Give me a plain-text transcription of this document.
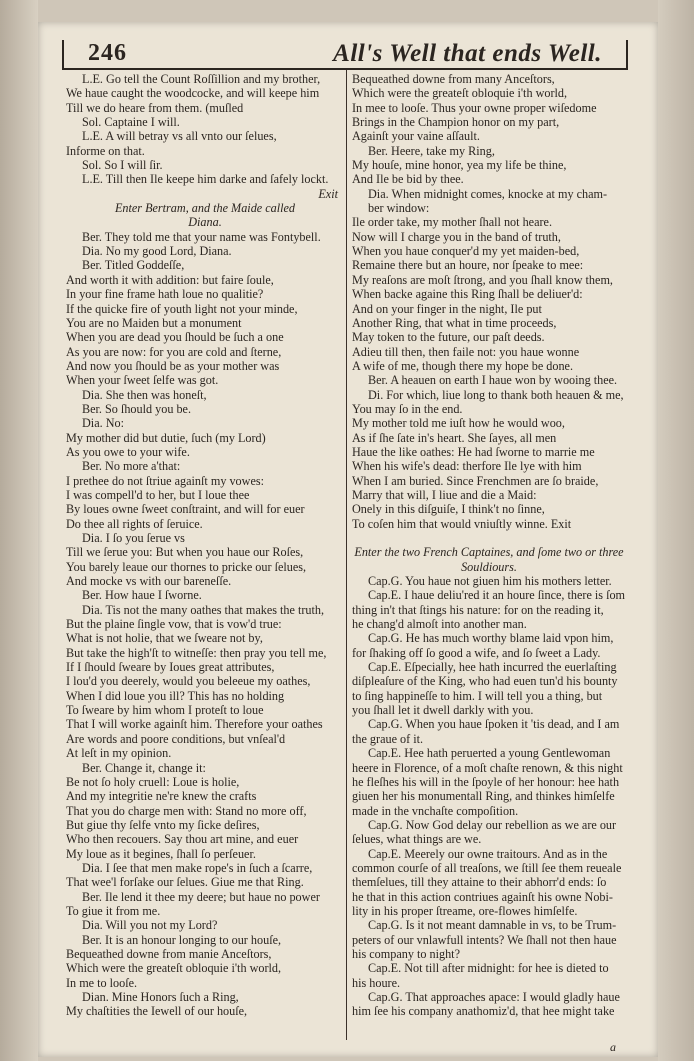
246	All's Well that ends Well.
L.E. Go tell the Count Roſſillion and my brother,
We haue caught the woodcocke, and will keepe him
Till we do heare from them. (muſled
Sol. Captaine I will.
L.E. A will betray vs all vnto our ſelues,
Informe on that.
Sol. So I will ſir.
L.E. Till then Ile keepe him darke and ſafely lockt.
Exit
Enter Bertram, and the Maide called
Diana.
Ber. They told me that your name was Fontybell.
Dia. No my good Lord, Diana.
Ber. Titled Goddeſſe,
And worth it with addition: but faire ſoule,
In your fine frame hath loue no qualitie?
If the quicke fire of youth light not your minde,
You are no Maiden but a monument
When you are dead you ſhould be ſuch a one
As you are now: for you are cold and ſterne,
And now you ſhould be as your mother was
When your ſweet ſelfe was got.
Dia. She then was honeſt,
Ber. So ſhould you be.
Dia. No:
My mother did but dutie, ſuch (my Lord)
As you owe to your wife.
Ber. No more a'that:
I prethee do not ſtriue againſt my vowes:
I was compell'd to her, but I loue thee
By loues owne ſweet conſtraint, and will for euer
Do thee all rights of ſeruice.
Dia. I ſo you ſerue vs
Till we ſerue you: But when you haue our Roſes,
You barely leaue our thornes to pricke our ſelues,
And mocke vs with our bareneſſe.
Ber. How haue I ſworne.
Dia. Tis not the many oathes that makes the truth,
But the plaine ſingle vow, that is vow'd true:
What is not holie, that we ſweare not by,
But take the high'ſt to witneſſe: then pray you tell me,
If I ſhould ſweare by Ioues great attributes,
I lou'd you deerely, would you beleeue my oathes,
When I did loue you ill? This has no holding
To ſweare by him whom I proteſt to loue
That I will worke againſt him. Therefore your oathes
Are words and poore conditions, but vnſeal'd
At leſt in my opinion.
Ber. Change it, change it:
Be not ſo holy cruell: Loue is holie,
And my integritie ne're knew the crafts
That you do charge men with: Stand no more off,
But giue thy ſelfe vnto my ſicke deſires,
Who then recouers. Say thou art mine, and euer
My loue as it begines, ſhall ſo perſeuer.
Dia. I ſee that men make rope's in ſuch a ſcarre,
That wee'l forſake our ſelues. Giue me that Ring.
Ber. Ile lend it thee my deere; but haue no power
To giue it from me.
Dia. Will you not my Lord?
Ber. It is an honour longing to our houſe,
Bequeathed downe from manie Anceſtors,
Which were the greateſt obloquie i'th world,
In me to looſe.
Dian. Mine Honors ſuch a Ring,
My chaſtities the Iewell of our houſe,
Bequeathed downe from many Anceſtors,
Which were the greateſt obloquie i'th world,
In mee to looſe. Thus your owne proper wiſedome
Brings in the Champion honor on my part,
Againſt your vaine aſſault.
Ber. Heere, take my Ring,
My houſe, mine honor, yea my life be thine,
And Ile be bid by thee.
Dia. When midnight comes, knocke at my cham-
ber window:
Ile order take, my mother ſhall not heare.
Now will I charge you in the band of truth,
When you haue conquer'd my yet maiden-bed,
Remaine there but an houre, nor ſpeake to mee:
My reaſons are moſt ſtrong, and you ſhall know them,
When backe againe this Ring ſhall be deliuer'd:
And on your finger in the night, Ile put
Another Ring, that what in time proceeds,
May token to the future, our paſt deeds.
Adieu till then, then faile not: you haue wonne
A wife of me, though there my hope be done.
Ber. A heauen on earth I haue won by wooing thee.
Di. For which, liue long to thank both heauen & me,
You may ſo in the end.
My mother told me iuſt how he would woo,
As if ſhe ſate in's heart. She ſayes, all men
Haue the like oathes: He had ſworne to marrie me
When his wife's dead: therfore Ile lye with him
When I am buried. Since Frenchmen are ſo braide,
Marry that will, I liue and die a Maid:
Onely in this diſguiſe, I think't no ſinne,
To coſen him that would vniuſtly winne. Exit
Enter the two French Captaines, and ſome two or three
Souldiours.
Cap.G. You haue not giuen him his mothers letter.
Cap.E. I haue deliu'red it an houre ſince, there is ſom
thing in't that ſtings his nature: for on the reading it,
he chang'd almoſt into another man.
Cap.G. He has much worthy blame laid vpon him,
for ſhaking off ſo good a wife, and ſo ſweet a Lady.
Cap.E. Eſpecially, hee hath incurred the euerlaſting
diſpleaſure of the King, who had euen tun'd his bounty
to ſing happineſſe to him. I will tell you a thing, but
you ſhall let it dwell darkly with you.
Cap.G. When you haue ſpoken it 'tis dead, and I am
the graue of it.
Cap.E. Hee hath peruerted a young Gentlewoman
heere in Florence, of a moſt chaſte renown, & this night
he fleſhes his will in the ſpoyle of her honour: hee hath
giuen her his monumentall Ring, and thinkes himſelfe
made in the vnchaſte compoſition.
Cap.G. Now God delay our rebellion as we are our
ſelues, what things are we.
Cap.E. Meerely our owne traitours. And as in the
common courſe of all treaſons, we ſtill ſee them reueale
themſelues, till they attaine to their abhorr'd ends: ſo
he that in this action contriues againſt his owne Nobi-
lity in his proper ſtreame, ore-flowes himſelfe.
Cap.G. Is it not meant damnable in vs, to be Trum-
peters of our vnlawfull intents? We ſhall not then haue
his company to night?
Cap.E. Not till after midnight: for hee is dieted to
his houre.
Cap.G. That approaches apace: I would gladly haue
him ſee his company anathomiz'd, that hee might take
a
